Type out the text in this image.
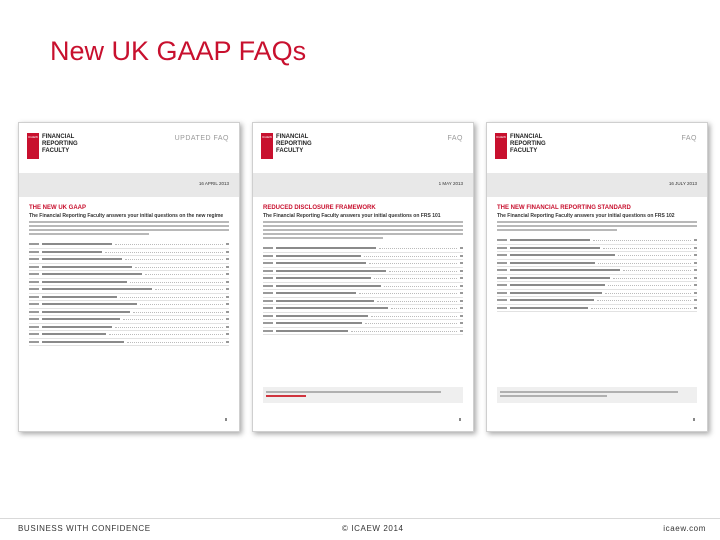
New UK GAAP FAQs
ICAEW FINANCIAL REPORTING FACULTY
UPDATED FAQ
16 APRIL 2013
THE NEW UK GAAP
The Financial Reporting Faculty answers your initial questions on the new regime
ICAEW FINANCIAL REPORTING FACULTY
FAQ
1 MAY 2013
REDUCED DISCLOSURE FRAMEWORK
The Financial Reporting Faculty answers your initial questions on FRS 101
ICAEW FINANCIAL REPORTING FACULTY
FAQ
16 JULY 2013
THE NEW FINANCIAL REPORTING STANDARD
The Financial Reporting Faculty answers your initial questions on FRS 102
BUSINESS WITH CONFIDENCE	© ICAEW 2014	icaew.com
